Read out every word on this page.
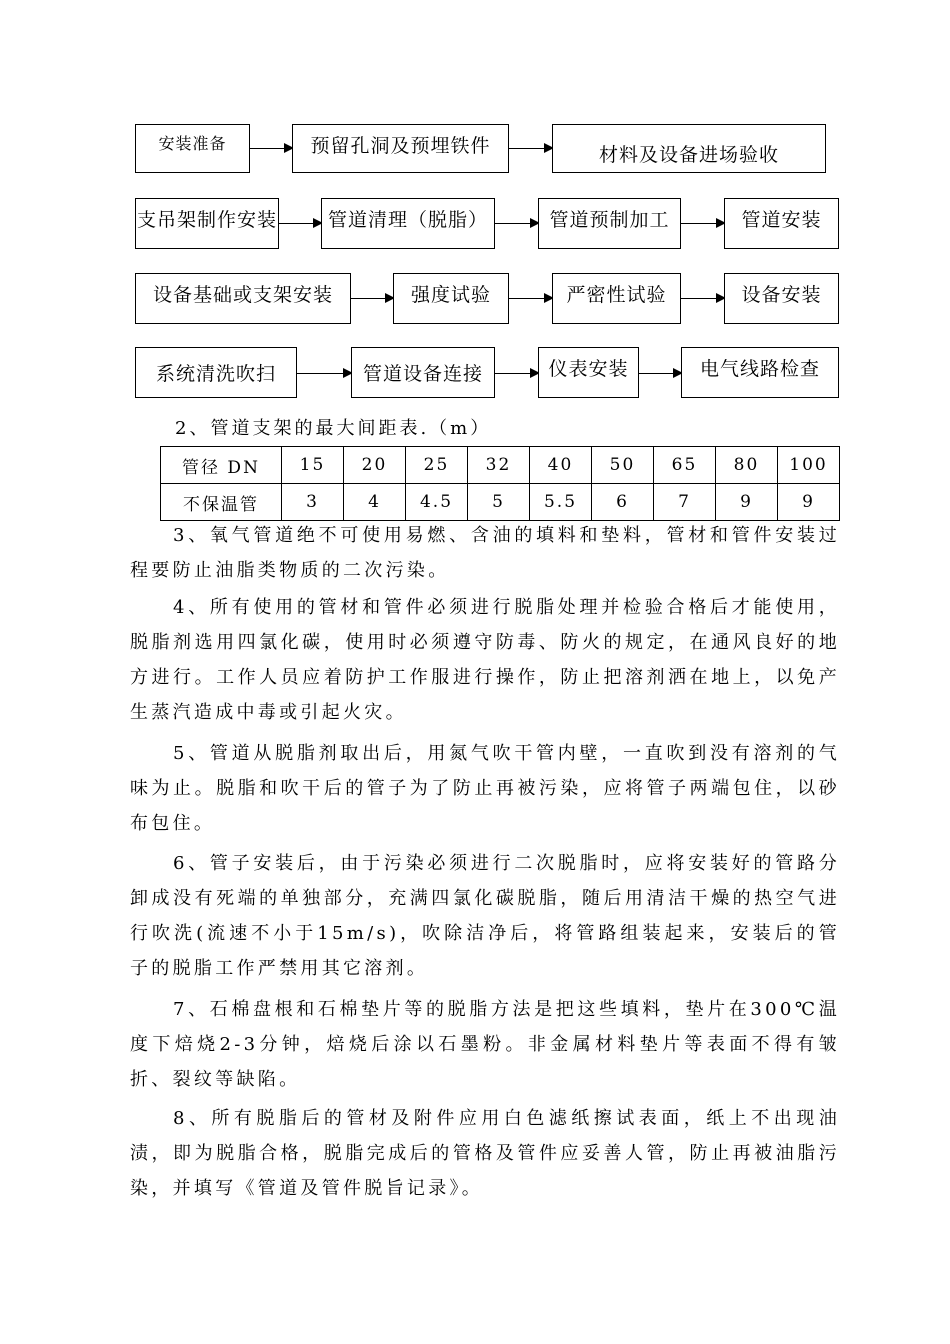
安装准备	预留孔洞及预埋铁件	材料及设备进场验收
支吊架制作安装	管道清理（脱脂）	管道预制加工	管道安装
设备基础或支架安装	强度试验	严密性试验	设备安装
系统清洗吹扫	管道设备连接	仪表安装	电气线路检查
2、管道支架的最大间距表.（m）
管径 DN	15	20	25	32	40	50	65	80	100
不保温管	3	4	4.5	5	5.5	6	7	9	9

3、氧气管道绝不可使用易燃、含油的填料和垫料，管材和管件安装过程要防止油脂类物质的二次污染。

4、所有使用的管材和管件必须进行脱脂处理并检验合格后才能使用，脱脂剂选用四氯化碳，使用时必须遵守防毒、防火的规定，在通风良好的地方进行。工作人员应着防护工作服进行操作，防止把溶剂洒在地上，以免产生蒸汽造成中毒或引起火灾。

5、管道从脱脂剂取出后，用氮气吹干管内壁，一直吹到没有溶剂的气味为止。脱脂和吹干后的管子为了防止再被污染，应将管子两端包住，以砂布包住。

6、管子安装后，由于污染必须进行二次脱脂时，应将安装好的管路分卸成没有死端的单独部分，充满四氯化碳脱脂，随后用清洁干燥的热空气进行吹洗(流速不小于15m/s)，吹除洁净后，将管路组装起来，安装后的管子的脱脂工作严禁用其它溶剂。

7、石棉盘根和石棉垫片等的脱脂方法是把这些填料，垫片在300℃温度下焙烧2-3分钟，焙烧后涂以石墨粉。非金属材料垫片等表面不得有皱折、裂纹等缺陷。

8、所有脱脂后的管材及附件应用白色滤纸擦试表面，纸上不出现油渍，即为脱脂合格，脱脂完成后的管格及管件应妥善人管，防止再被油脂污染，并填写《管道及管件脱旨记录》。
